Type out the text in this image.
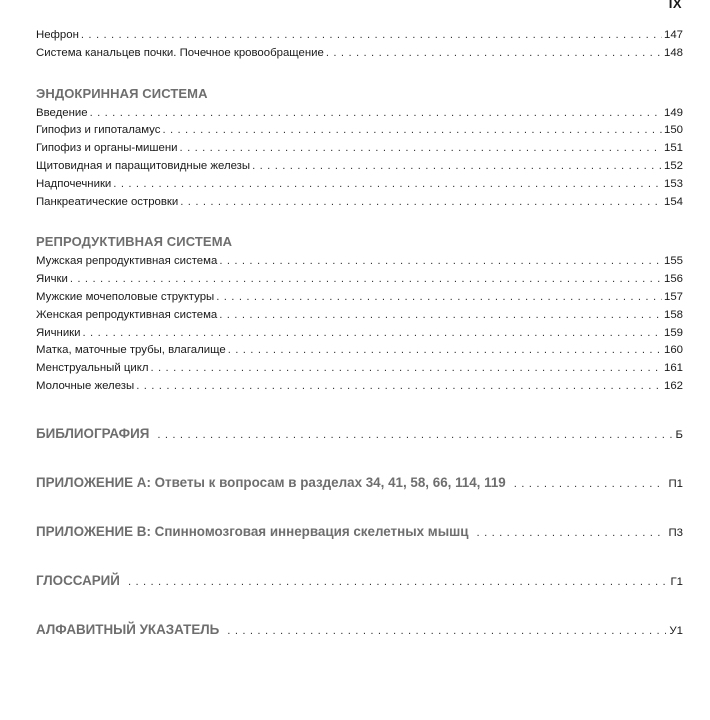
IX
Нефрон . . .	147
Система канальцев почки. Почечное кровообращение . . .	148
ЭНДОКРИННАЯ СИСТЕМА
Введение . . .	149
Гипофиз и гипоталамус . . .	150
Гипофиз и органы-мишени . . .	151
Щитовидная и паращитовидные железы . . .	152
Надпочечники . . .	153
Панкреатические островки . . .	154
РЕПРОДУКТИВНАЯ СИСТЕМА
Мужская репродуктивная система . . .	155
Яички . . .	156
Мужские мочеполовые структуры . . .	157
Женская репродуктивная система . . .	158
Яичники . . .	159
Матка, маточные трубы, влагалище . . .	160
Менструальный цикл . . .	161
Молочные железы . . .	162
БИБЛИОГРАФИЯ . . .	Б
ПРИЛОЖЕНИЕ А: Ответы к вопросам в разделах 34, 41, 58, 66, 114, 119 . . .	П1
ПРИЛОЖЕНИЕ В: Спинномозговая иннервация скелетных мышц . . .	П3
ГЛОССАРИЙ . . .	Г1
АЛФАВИТНЫЙ УКАЗАТЕЛЬ . . .	У1
